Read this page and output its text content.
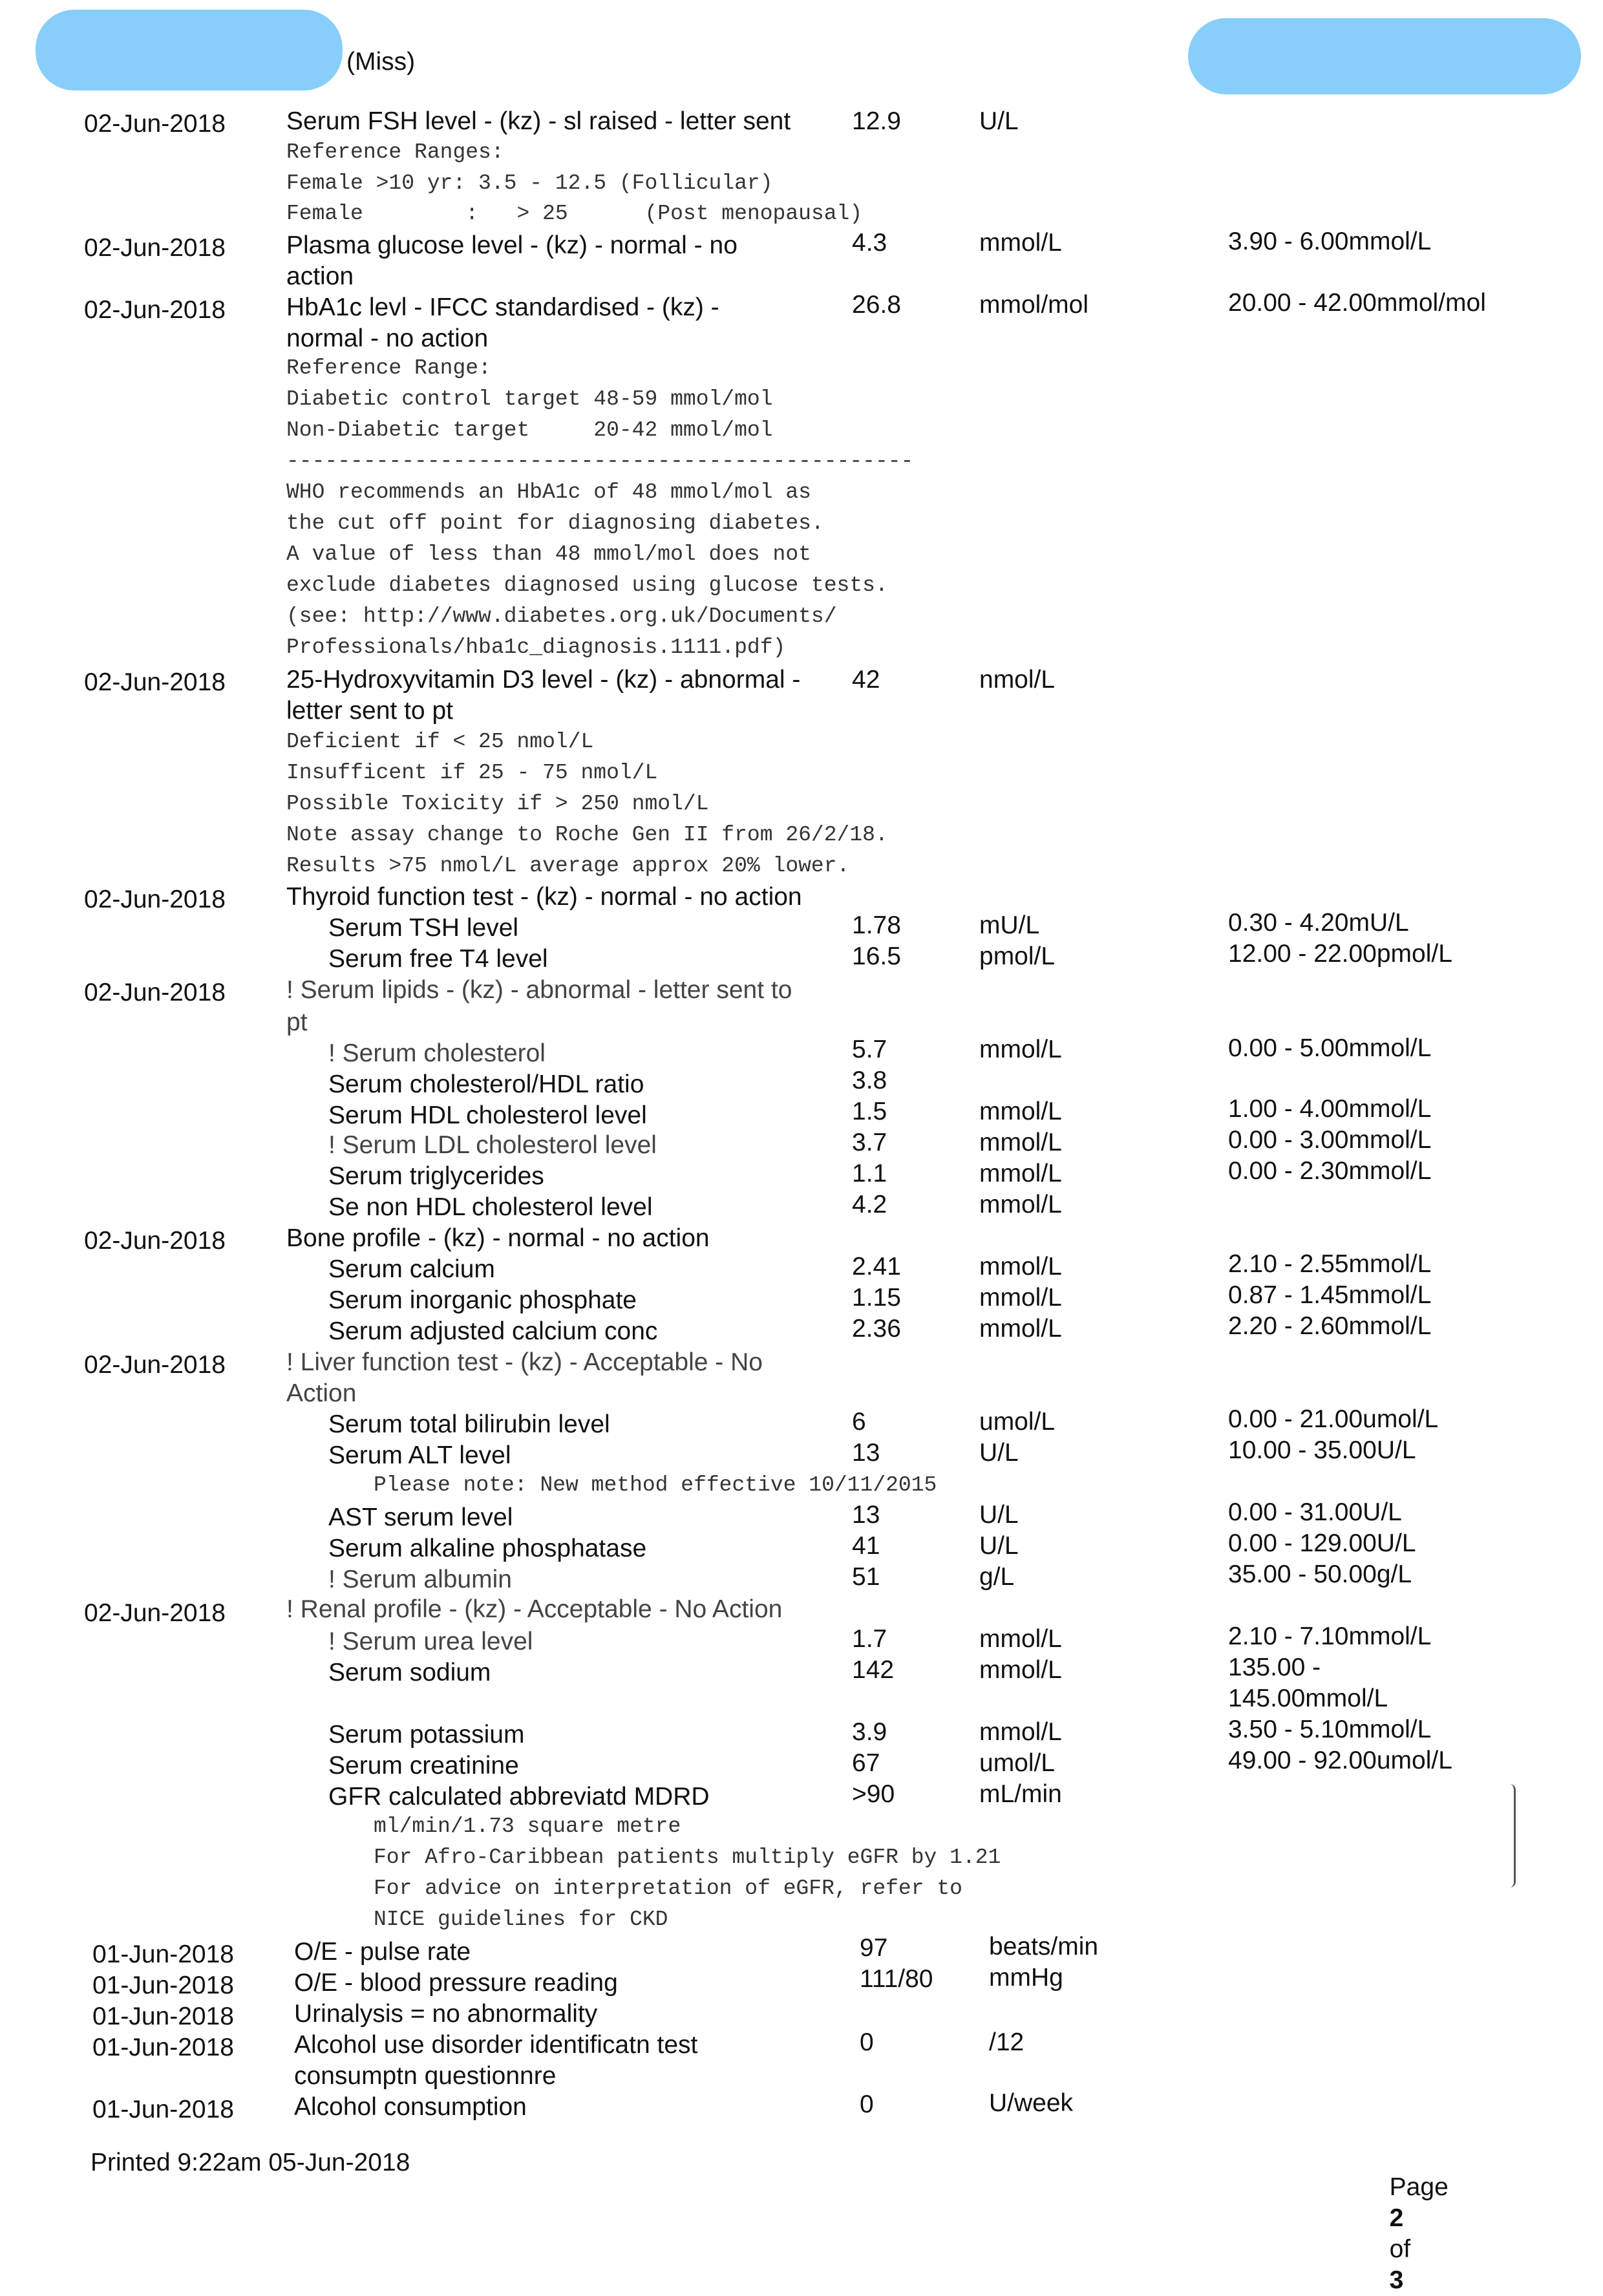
(Miss)
02-Jun-2018 Serum FSH level - (kz) - sl raised - letter sent 12.9	U/L
Reference Ranges:
Female >10 yr: 3.5 - 12.5 (Follicular)
Female        :   > 25      (Post menopausal)
02-Jun-2018 Plasma glucose level - (kz) - normal - no
action
4.3	mmol/L	3.90 - 6.00mmol/L
02-Jun-2018 HbA1c levl - IFCC standardised - (kz) -
normal - no action
26.8	mmol/mol	20.00 - 42.00mmol/mol
Reference Range:
Diabetic control target 48-59 mmol/mol
Non-Diabetic target     20-42 mmol/mol
-------------------------------------------------
WHO recommends an HbA1c of 48 mmol/mol as
the cut off point for diagnosing diabetes.
A value of less than 48 mmol/mol does not
exclude diabetes diagnosed using glucose tests.
(see: http://www.diabetes.org.uk/Documents/
Professionals/hba1c_diagnosis.1111.pdf)
02-Jun-2018 25-Hydroxyvitamin D3 level - (kz) - abnormal -
letter sent to pt
42	nmol/L
Deficient if < 25 nmol/L
Insufficent if 25 - 75 nmol/L
Possible Toxicity if > 250 nmol/L
Note assay change to Roche Gen II from 26/2/18.
Results >75 nmol/L average approx 20% lower.
02-Jun-2018 Thyroid function test - (kz) - normal - no action
Serum TSH level	1.78	mU/L	0.30 - 4.20mU/L
Serum free T4 level	16.5	pmol/L	12.00 - 22.00pmol/L
02-Jun-2018 ! Serum lipids - (kz) - abnormal - letter sent to
pt
! Serum cholesterol	5.7	mmol/L	0.00 - 5.00mmol/L
Serum cholesterol/HDL ratio	3.8
Serum HDL cholesterol level	1.5	mmol/L	1.00 - 4.00mmol/L
! Serum LDL cholesterol level	3.7	mmol/L	0.00 - 3.00mmol/L
Serum triglycerides	1.1	mmol/L	0.00 - 2.30mmol/L
Se non HDL cholesterol level	4.2	mmol/L
02-Jun-2018 Bone profile - (kz) - normal - no action
Serum calcium	2.41	mmol/L	2.10 - 2.55mmol/L
Serum inorganic phosphate	1.15	mmol/L	0.87 - 1.45mmol/L
Serum adjusted calcium conc	2.36	mmol/L	2.20 - 2.60mmol/L
02-Jun-2018 ! Liver function test - (kz) - Acceptable - No
Action
Serum total bilirubin level	6	umol/L	0.00 - 21.00umol/L
Serum ALT level	13	U/L	10.00 - 35.00U/L
Please note: New method effective 10/11/2015
AST serum level	13	U/L	0.00 - 31.00U/L
Serum alkaline phosphatase	41	U/L	0.00 - 129.00U/L
! Serum albumin	51	g/L	35.00 - 50.00g/L
02-Jun-2018 ! Renal profile - (kz) - Acceptable - No Action
! Serum urea level	1.7	mmol/L	2.10 - 7.10mmol/L
Serum sodium	142	mmol/L	135.00 -
145.00mmol/L
Serum potassium	3.9	mmol/L	3.50 - 5.10mmol/L
Serum creatinine	67	umol/L	49.00 - 92.00umol/L
GFR calculated abbreviatd MDRD	>90	mL/min
ml/min/1.73 square metre
For Afro-Caribbean patients multiply eGFR by 1.21
For advice on interpretation of eGFR, refer to
NICE guidelines for CKD
01-Jun-2018 O/E - pulse rate	97	beats/min
01-Jun-2018 O/E - blood pressure reading	111/80 mmHg
01-Jun-2018 Urinalysis = no abnormality
01-Jun-2018 Alcohol use disorder identificatn test
consumptn questionnre
0	/12
01-Jun-2018 Alcohol consumption	0	U/week
Printed 9:22am 05-Jun-2018

Page
2
of
3
